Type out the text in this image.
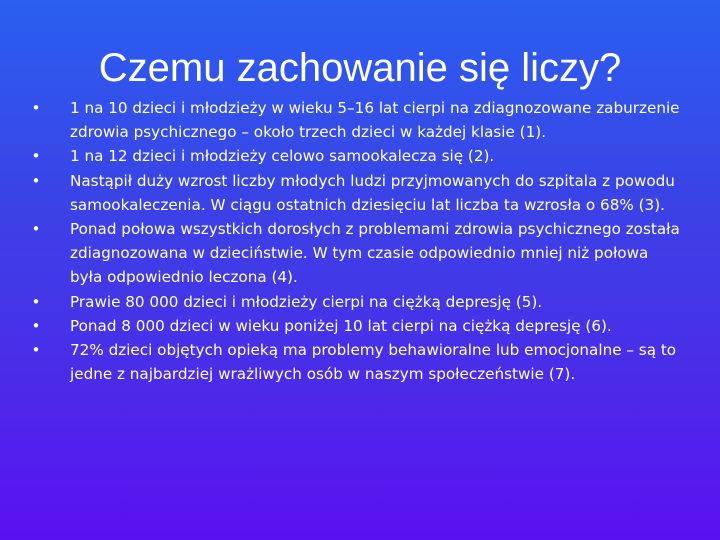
Czemu zachowanie się liczy?
• 1 na 10 dzieci i młodzieży w wieku 5–16 lat cierpi na zdiagnozowane zaburzenie zdrowia psychicznego – około trzech dzieci w każdej klasie (1).
• 1 na 12 dzieci i młodzieży celowo samookalecza się (2).
• Nastąpił duży wzrost liczby młodych ludzi przyjmowanych do szpitala z powodu samookaleczenia. W ciągu ostatnich dziesięciu lat liczba ta wzrosła o 68% (3).
• Ponad połowa wszystkich dorosłych z problemami zdrowia psychicznego została zdiagnozowana w dzieciństwie. W tym czasie odpowiednio mniej niż połowa była odpowiednio leczona (4).
• Prawie 80 000 dzieci i młodzieży cierpi na ciężką depresję (5).
• Ponad 8 000 dzieci w wieku poniżej 10 lat cierpi na ciężką depresję (6).
• 72% dzieci objętych opieką ma problemy behawioralne lub emocjonalne – są to jedne z najbardziej wrażliwych osób w naszym społeczeństwie (7).
